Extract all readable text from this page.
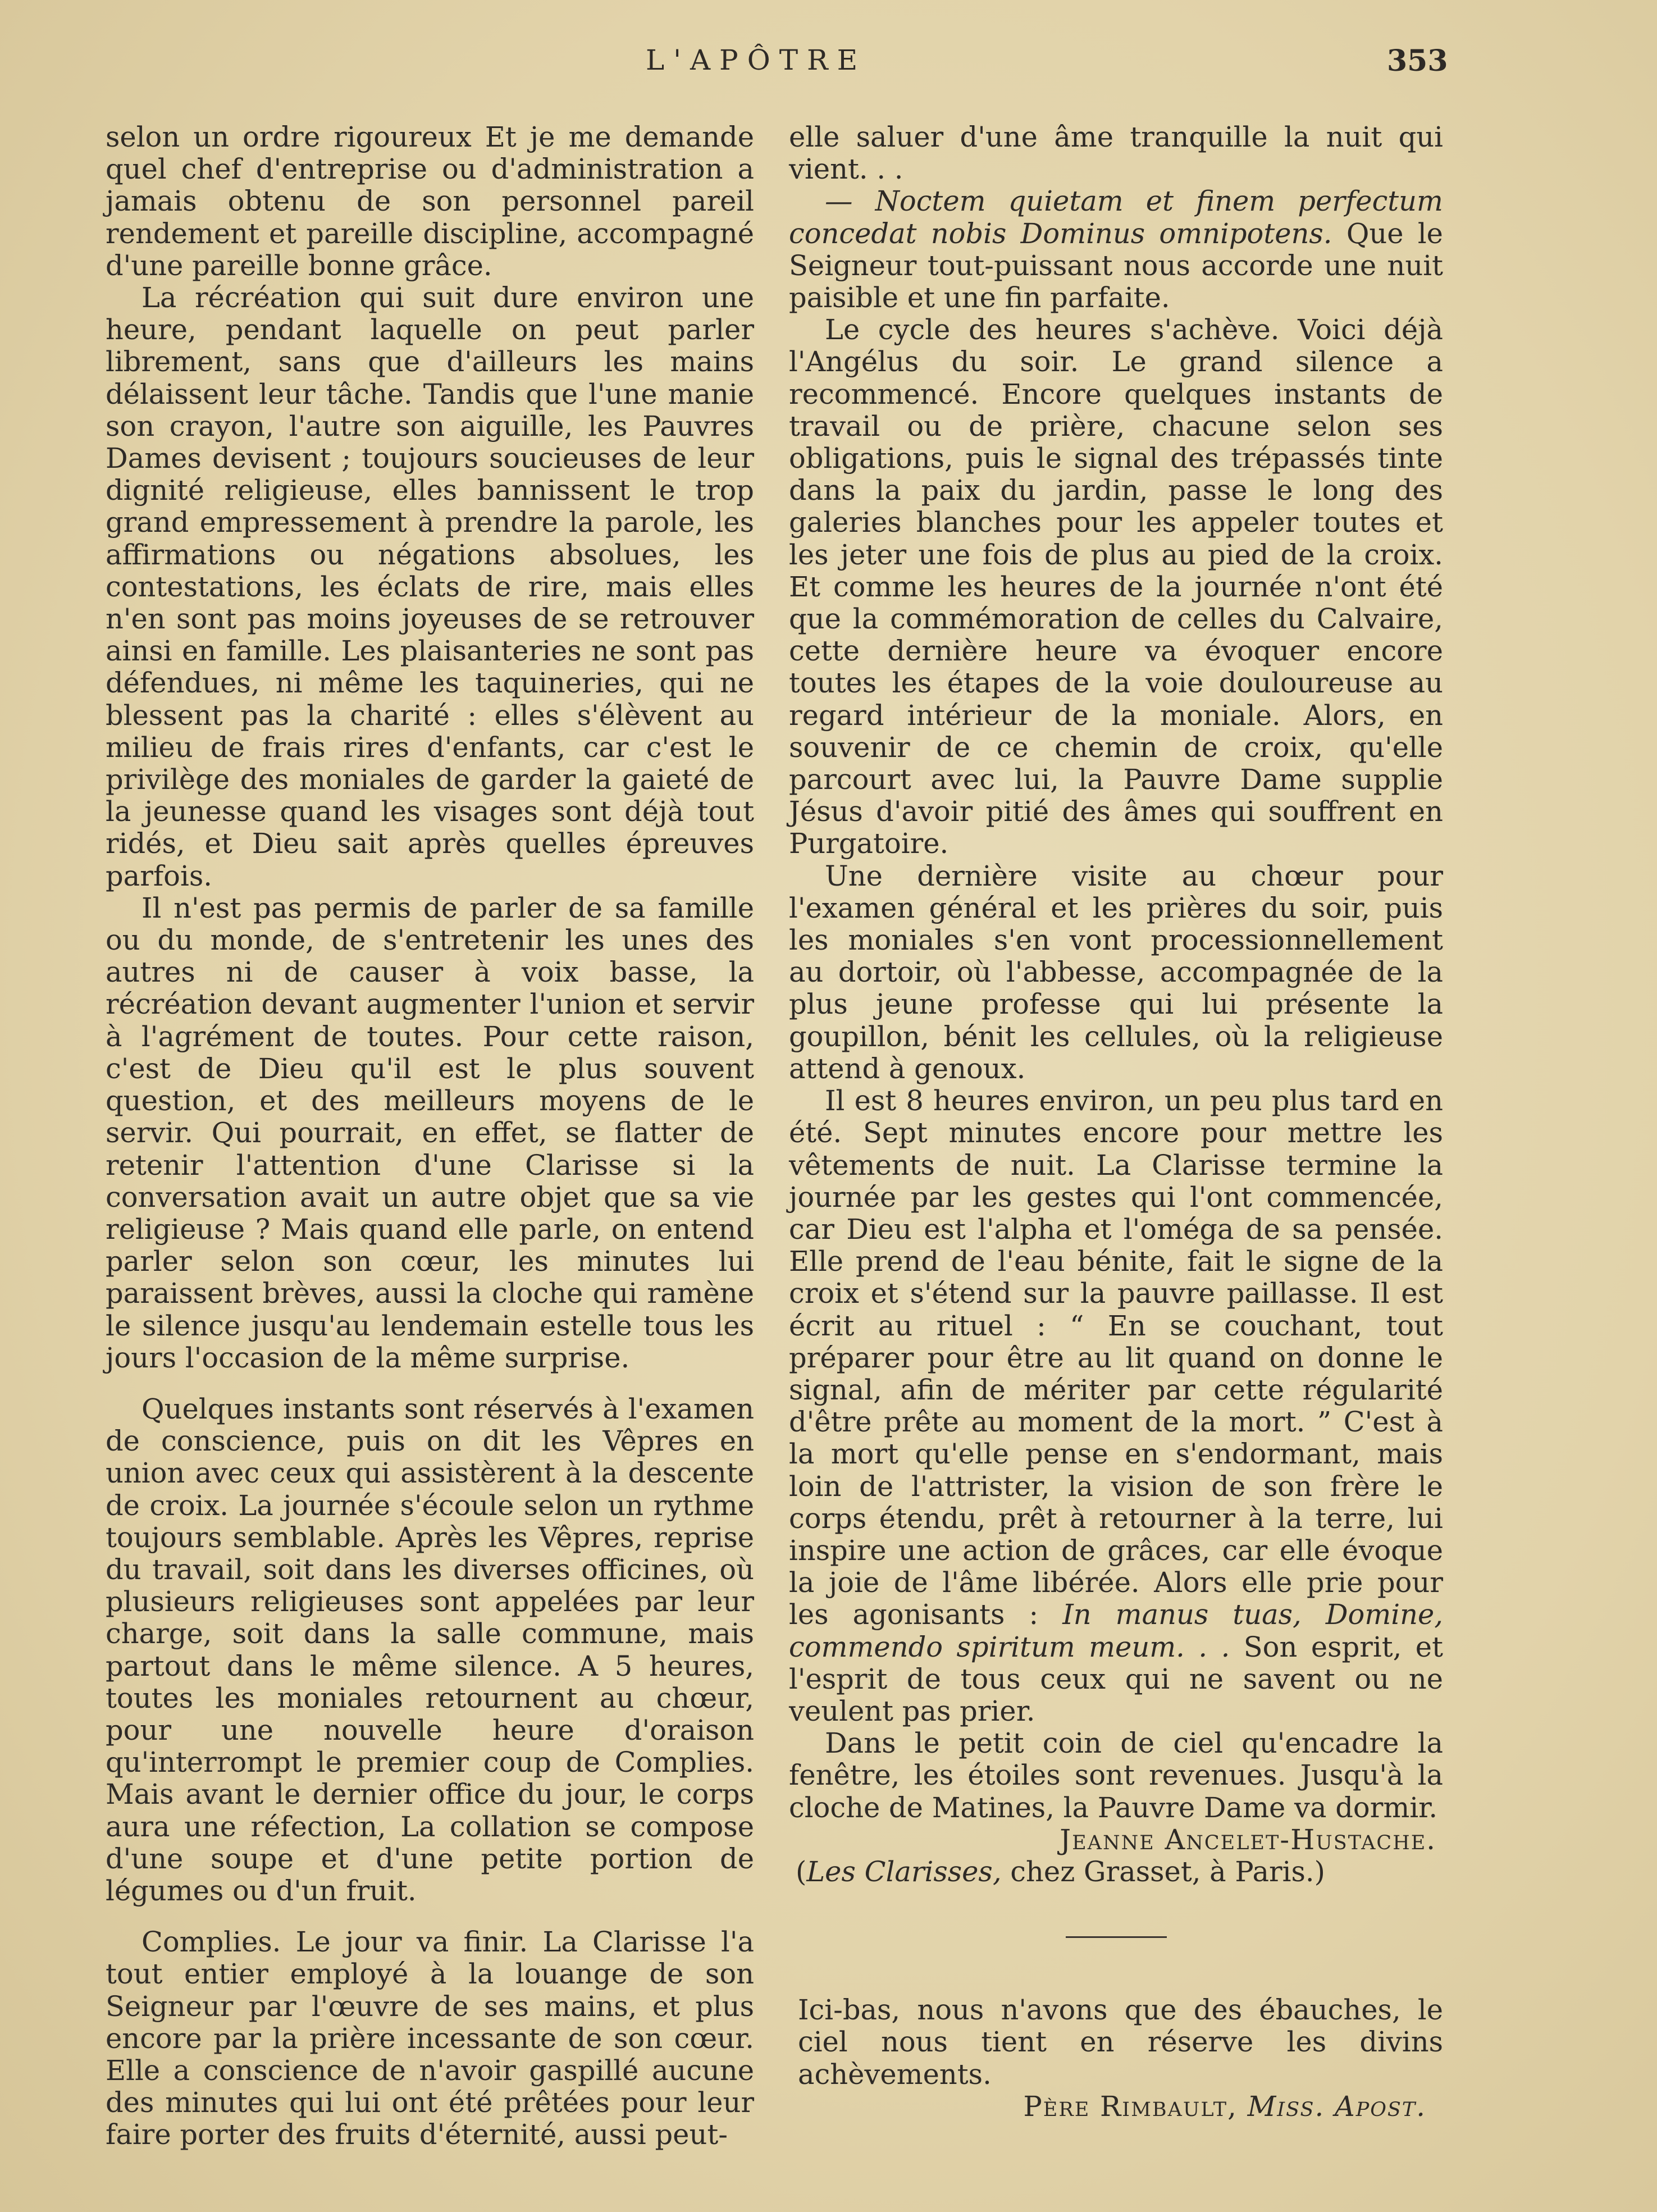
L'APÔTRE	353

selon un ordre rigoureux Et je me demande quel chef d'entreprise ou d'administration a jamais obtenu de son personnel pareil rendement et pareille discipline, accompagné d'une pareille bonne grâce.

La récréation qui suit dure environ une heure, pendant laquelle on peut parler librement, sans que d'ailleurs les mains délaissent leur tâche. Tandis que l'une manie son crayon, l'autre son aiguille, les Pauvres Dames devisent ; toujours soucieuses de leur dignité religieuse, elles bannissent le trop grand empressement à prendre la parole, les affirmations ou négations absolues, les contestations, les éclats de rire, mais elles n'en sont pas moins joyeuses de se retrouver ainsi en famille. Les plaisanteries ne sont pas défendues, ni même les taquineries, qui ne blessent pas la charité : elles s'élèvent au milieu de frais rires d'enfants, car c'est le privilège des moniales de garder la gaieté de la jeunesse quand les visages sont déjà tout ridés, et Dieu sait après quelles épreuves parfois.

Il n'est pas permis de parler de sa famille ou du monde, de s'entretenir les unes des autres ni de causer à voix basse, la récréation devant augmenter l'union et servir à l'agrément de toutes. Pour cette raison, c'est de Dieu qu'il est le plus souvent question, et des meilleurs moyens de le servir. Qui pourrait, en effet, se flatter de retenir l'attention d'une Clarisse si la conversation avait un autre objet que sa vie religieuse ? Mais quand elle parle, on entend parler selon son cœur, les minutes lui paraissent brèves, aussi la cloche qui ramène le silence jusqu'au lendemain estelle tous les jours l'occasion de la même surprise.

Quelques instants sont réservés à l'examen de conscience, puis on dit les Vêpres en union avec ceux qui assistèrent à la descente de croix. La journée s'écoule selon un rythme toujours semblable. Après les Vêpres, reprise du travail, soit dans les diverses officines, où plusieurs religieuses sont appelées par leur charge, soit dans la salle commune, mais partout dans le même silence. A 5 heures, toutes les moniales retournent au chœur, pour une nouvelle heure d'oraison qu'interrompt le premier coup de Complies. Mais avant le dernier office du jour, le corps aura une réfection, La collation se compose d'une soupe et d'une petite portion de légumes ou d'un fruit.

Complies. Le jour va finir. La Clarisse l'a tout entier employé à la louange de son Seigneur par l'œuvre de ses mains, et plus encore par la prière incessante de son cœur. Elle a conscience de n'avoir gaspillé aucune des minutes qui lui ont été prêtées pour leur faire porter des fruits d'éternité, aussi peut-

elle saluer d'une âme tranquille la nuit qui vient. . .

— Noctem quietam et finem perfectum concedat nobis Dominus omnipotens. Que le Seigneur tout-puissant nous accorde une nuit paisible et une fin parfaite.

Le cycle des heures s'achève. Voici déjà l'Angélus du soir. Le grand silence a recommencé. Encore quelques instants de travail ou de prière, chacune selon ses obligations, puis le signal des trépassés tinte dans la paix du jardin, passe le long des galeries blanches pour les appeler toutes et les jeter une fois de plus au pied de la croix. Et comme les heures de la journée n'ont été que la commémoration de celles du Calvaire, cette dernière heure va évoquer encore toutes les étapes de la voie douloureuse au regard intérieur de la moniale. Alors, en souvenir de ce chemin de croix, qu'elle parcourt avec lui, la Pauvre Dame supplie Jésus d'avoir pitié des âmes qui souffrent en Purgatoire.

Une dernière visite au chœur pour l'examen général et les prières du soir, puis les moniales s'en vont processionnellement au dortoir, où l'abbesse, accompagnée de la plus jeune professe qui lui présente la goupillon, bénit les cellules, où la religieuse attend à genoux.

Il est 8 heures environ, un peu plus tard en été. Sept minutes encore pour mettre les vêtements de nuit. La Clarisse termine la journée par les gestes qui l'ont commencée, car Dieu est l'alpha et l'oméga de sa pensée. Elle prend de l'eau bénite, fait le signe de la croix et s'étend sur la pauvre paillasse. Il est écrit au rituel : “ En se couchant, tout préparer pour être au lit quand on donne le signal, afin de mériter par cette régularité d'être prête au moment de la mort. ” C'est à la mort qu'elle pense en s'endormant, mais loin de l'attrister, la vision de son frère le corps étendu, prêt à retourner à la terre, lui inspire une action de grâces, car elle évoque la joie de l'âme libérée. Alors elle prie pour les agonisants : In manus tuas, Domine, commendo spiritum meum. . . Son esprit, et l'esprit de tous ceux qui ne savent ou ne veulent pas prier.

Dans le petit coin de ciel qu'encadre la fenêtre, les étoiles sont revenues. Jusqu'à la cloche de Matines, la Pauvre Dame va dormir.

Jeanne Ancelet-Hustache.

(Les Clarisses, chez Grasset, à Paris.)

Ici-bas, nous n'avons que des ébauches, le ciel nous tient en réserve les divins achèvements.

Père Rimbault, Miss. Apost.
